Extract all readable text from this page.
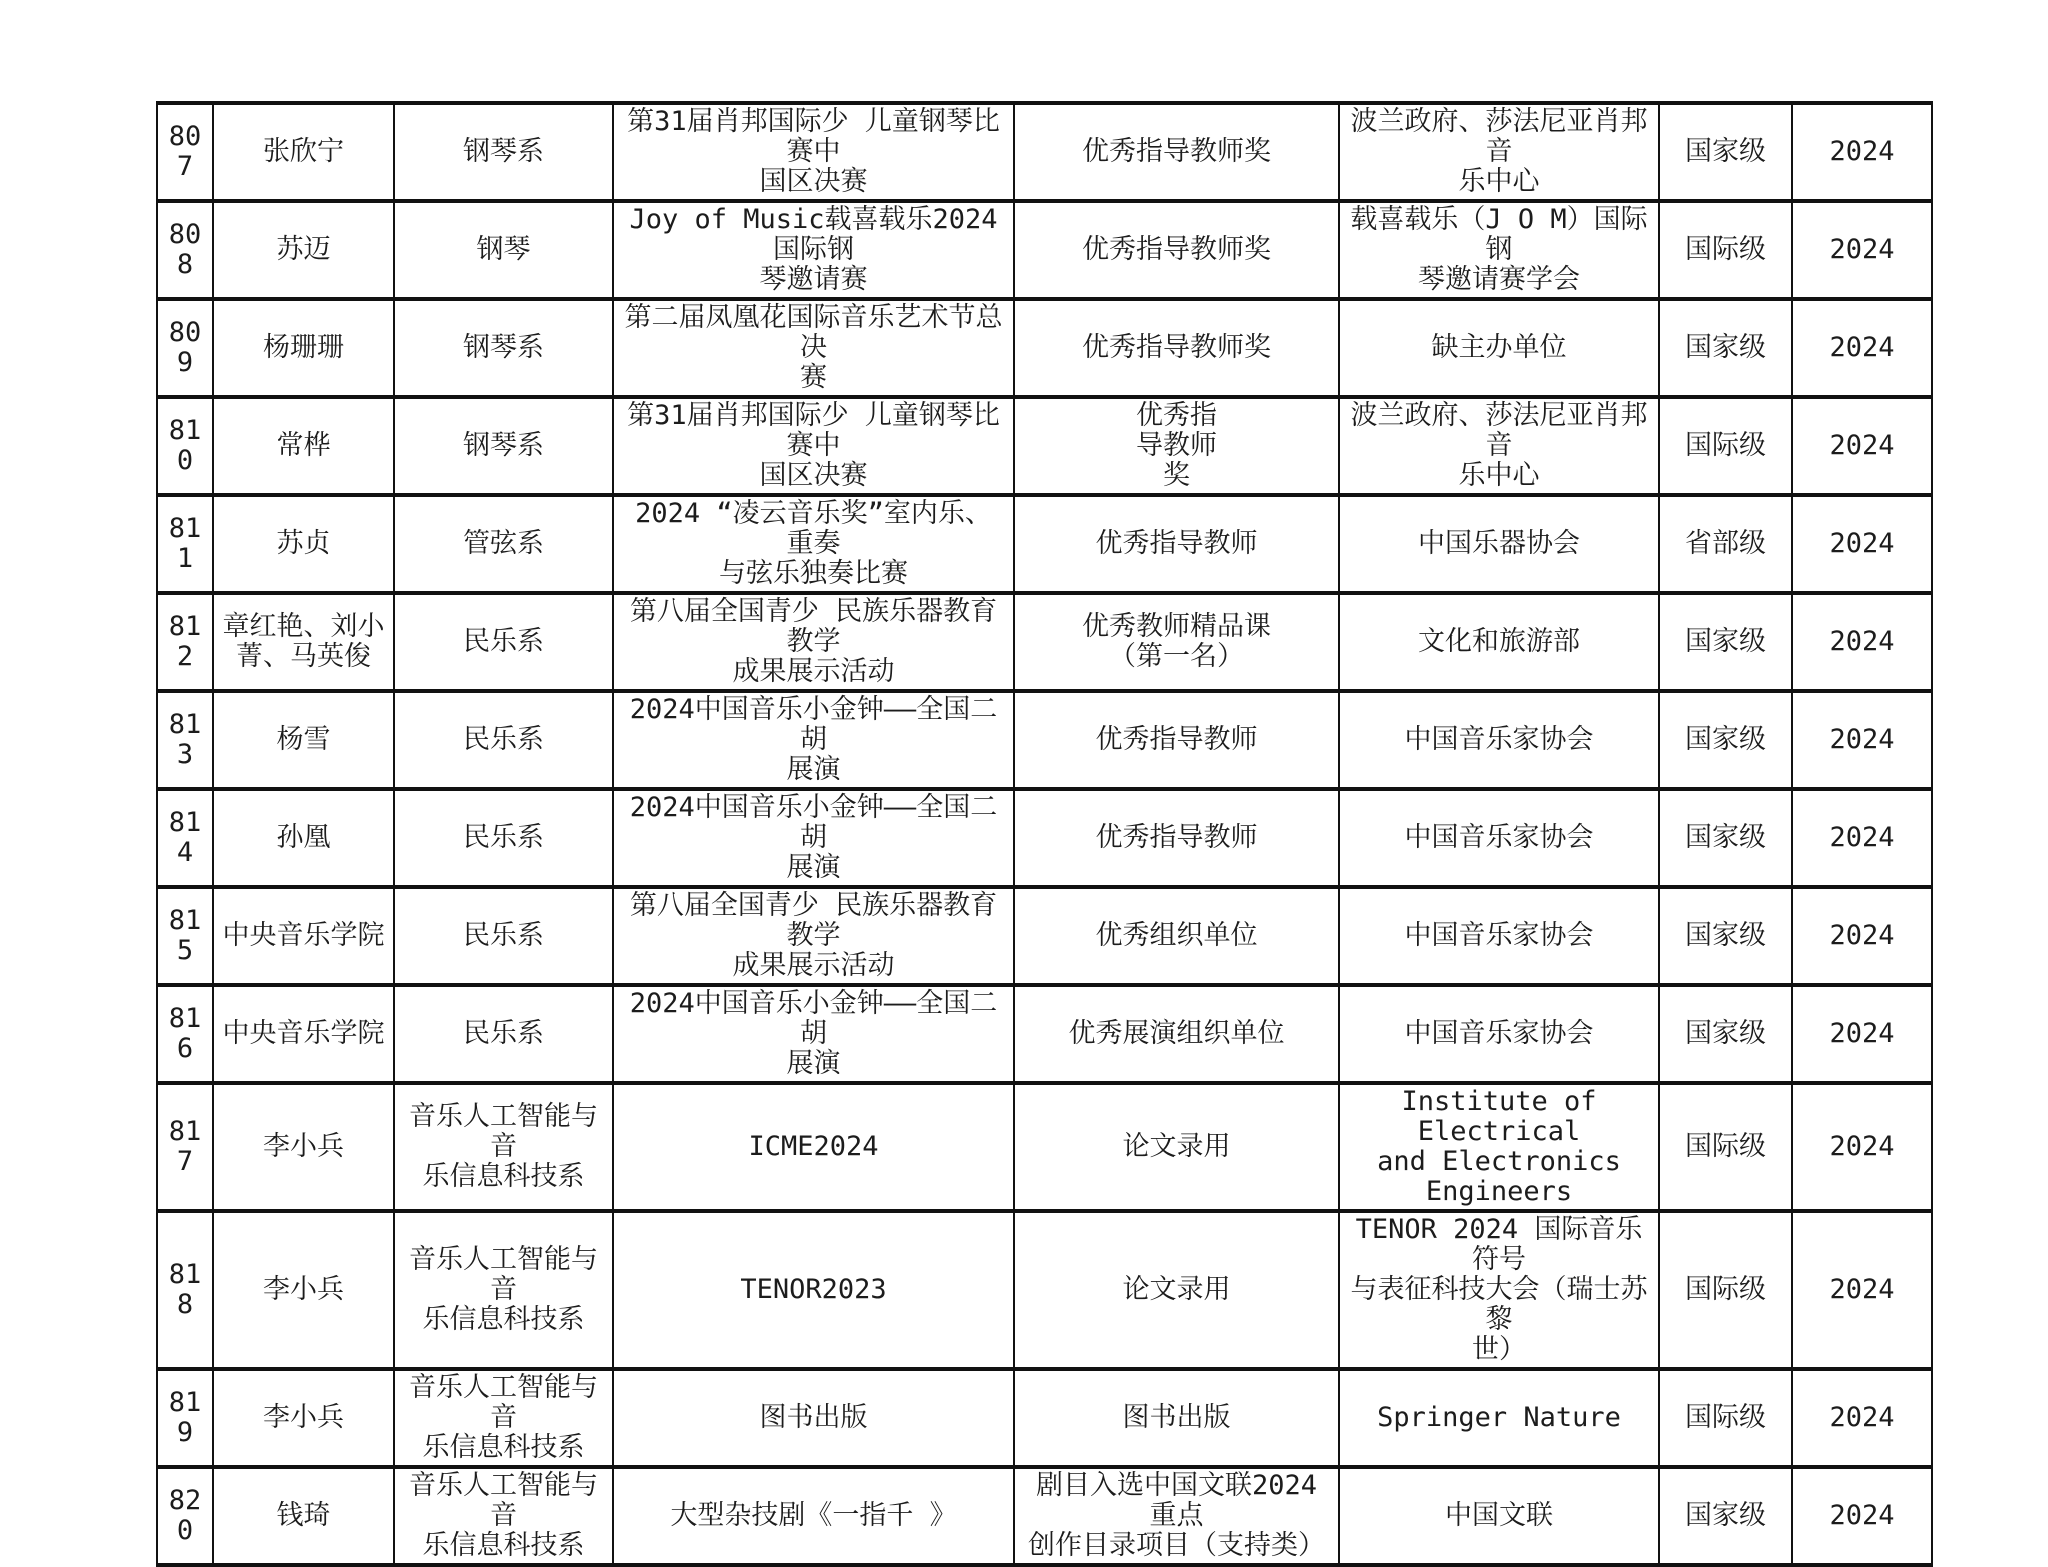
807	张欣宁	钢琴系	第31届肖邦国际少 儿童钢琴比赛中
国区决赛	优秀指导教师奖	波兰政府、莎法尼亚肖邦音
乐中心	国家级	2024
808	苏迈	钢琴	Joy of Music载喜载乐2024国际钢
琴邀请赛	优秀指导教师奖	载喜载乐（J O M）国际钢
琴邀请赛学会	国际级	2024
809	杨珊珊	钢琴系	第二届凤凰花国际音乐艺术节总决
赛	优秀指导教师奖	缺主办单位	国家级	2024
810	常桦	钢琴系	第31届肖邦国际少 儿童钢琴比赛中
国区决赛	优秀指
导教师
奖	波兰政府、莎法尼亚肖邦音
乐中心	国际级	2024
811	苏贞	管弦系	2024 “凌云音乐奖”室内乐、重奏
与弦乐独奏比赛	优秀指导教师	中国乐器协会	省部级	2024
812	章红艳、刘小
菁、马英俊	民乐系	第八届全国青少 民族乐器教育教学
成果展示活动	优秀教师精品课
（第一名）	文化和旅游部	国家级	2024
813	杨雪	民乐系	2024中国音乐小金钟——全国二胡
展演	优秀指导教师	中国音乐家协会	国家级	2024
814	孙凰	民乐系	2024中国音乐小金钟——全国二胡
展演	优秀指导教师	中国音乐家协会	国家级	2024
815	中央音乐学院	民乐系	第八届全国青少 民族乐器教育教学
成果展示活动	优秀组织单位	中国音乐家协会	国家级	2024
816	中央音乐学院	民乐系	2024中国音乐小金钟——全国二胡
展演	优秀展演组织单位	中国音乐家协会	国家级	2024
817	李小兵	音乐人工智能与音
乐信息科技系	ICME2024	论文录用	Institute of Electrical
and Electronics
Engineers	国际级	2024
818	李小兵	音乐人工智能与音
乐信息科技系	TENOR2023	论文录用	TENOR 2024 国际音乐符号
与表征科技大会（瑞士苏黎
世）	国际级	2024
819	李小兵	音乐人工智能与音
乐信息科技系	图书出版	图书出版	Springer Nature	国际级	2024
820	钱琦	音乐人工智能与音
乐信息科技系	大型杂技剧《一指千 》	剧目入选中国文联2024重点
创作目录项目（支持类）	中国文联	国家级	2024
